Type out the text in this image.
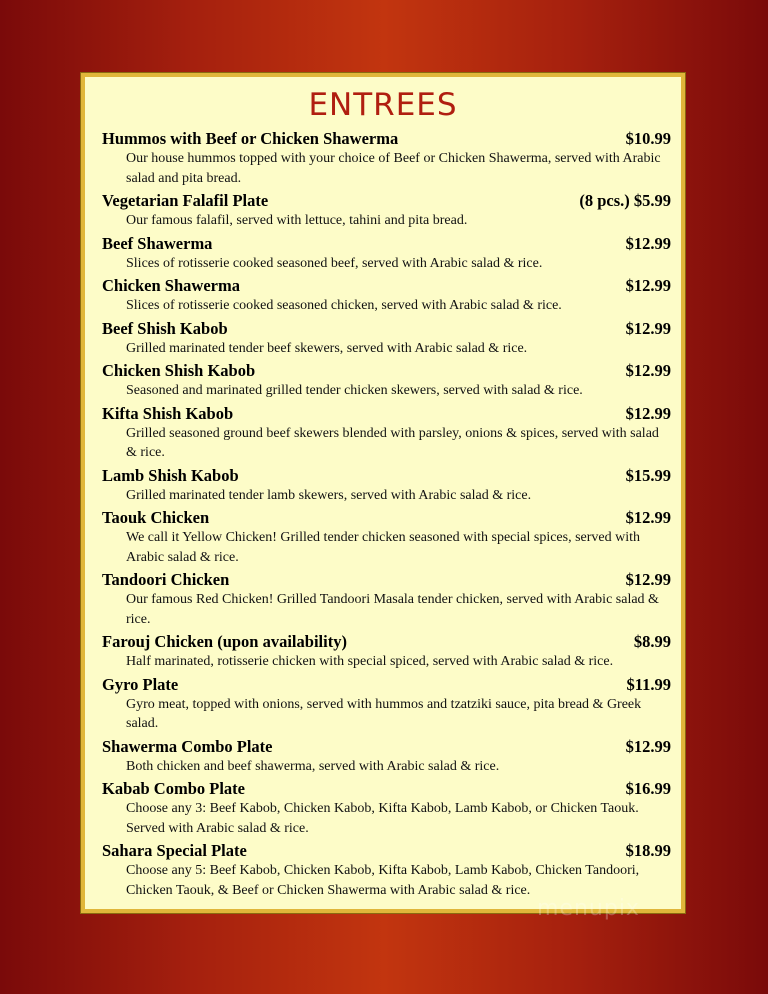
ENTREES
Hummos with Beef or Chicken Shawerma	$10.99
Our house hummos topped with your choice of Beef or Chicken Shawerma, served with Arabic salad and pita bread.
Vegetarian Falafil Plate	(8 pcs.) $5.99
Our famous falafil, served with lettuce, tahini and pita bread.
Beef Shawerma	$12.99
Slices of rotisserie cooked seasoned beef, served with Arabic salad & rice.
Chicken Shawerma	$12.99
Slices of rotisserie cooked seasoned chicken, served with Arabic salad & rice.
Beef Shish Kabob	$12.99
Grilled marinated tender beef skewers, served with Arabic salad & rice.
Chicken Shish Kabob	$12.99
Seasoned and marinated grilled tender chicken skewers, served with salad & rice.
Kifta Shish Kabob	$12.99
Grilled seasoned ground beef skewers blended with parsley, onions & spices, served with salad & rice.
Lamb Shish Kabob	$15.99
Grilled marinated tender lamb skewers, served with Arabic salad & rice.
Taouk Chicken	$12.99
We call it Yellow Chicken! Grilled tender chicken seasoned with special spices, served with Arabic salad & rice.
Tandoori Chicken	$12.99
Our famous Red Chicken! Grilled Tandoori Masala tender chicken, served with Arabic salad & rice.
Farouj Chicken (upon availability)	$8.99
Half marinated, rotisserie chicken with special spiced, served with Arabic salad & rice.
Gyro Plate	$11.99
Gyro meat, topped with onions, served with hummos and tzatziki sauce, pita bread & Greek salad.
Shawerma Combo Plate	$12.99
Both chicken and beef shawerma, served with Arabic salad & rice.
Kabab Combo Plate	$16.99
Choose any 3: Beef Kabob, Chicken Kabob, Kifta Kabob, Lamb Kabob, or Chicken Taouk. Served with Arabic salad & rice.
Sahara Special Plate	$18.99
Choose any 5: Beef Kabob, Chicken Kabob, Kifta Kabob, Lamb Kabob, Chicken Tandoori, Chicken Taouk, & Beef or Chicken Shawerma with Arabic salad & rice.
menupix
